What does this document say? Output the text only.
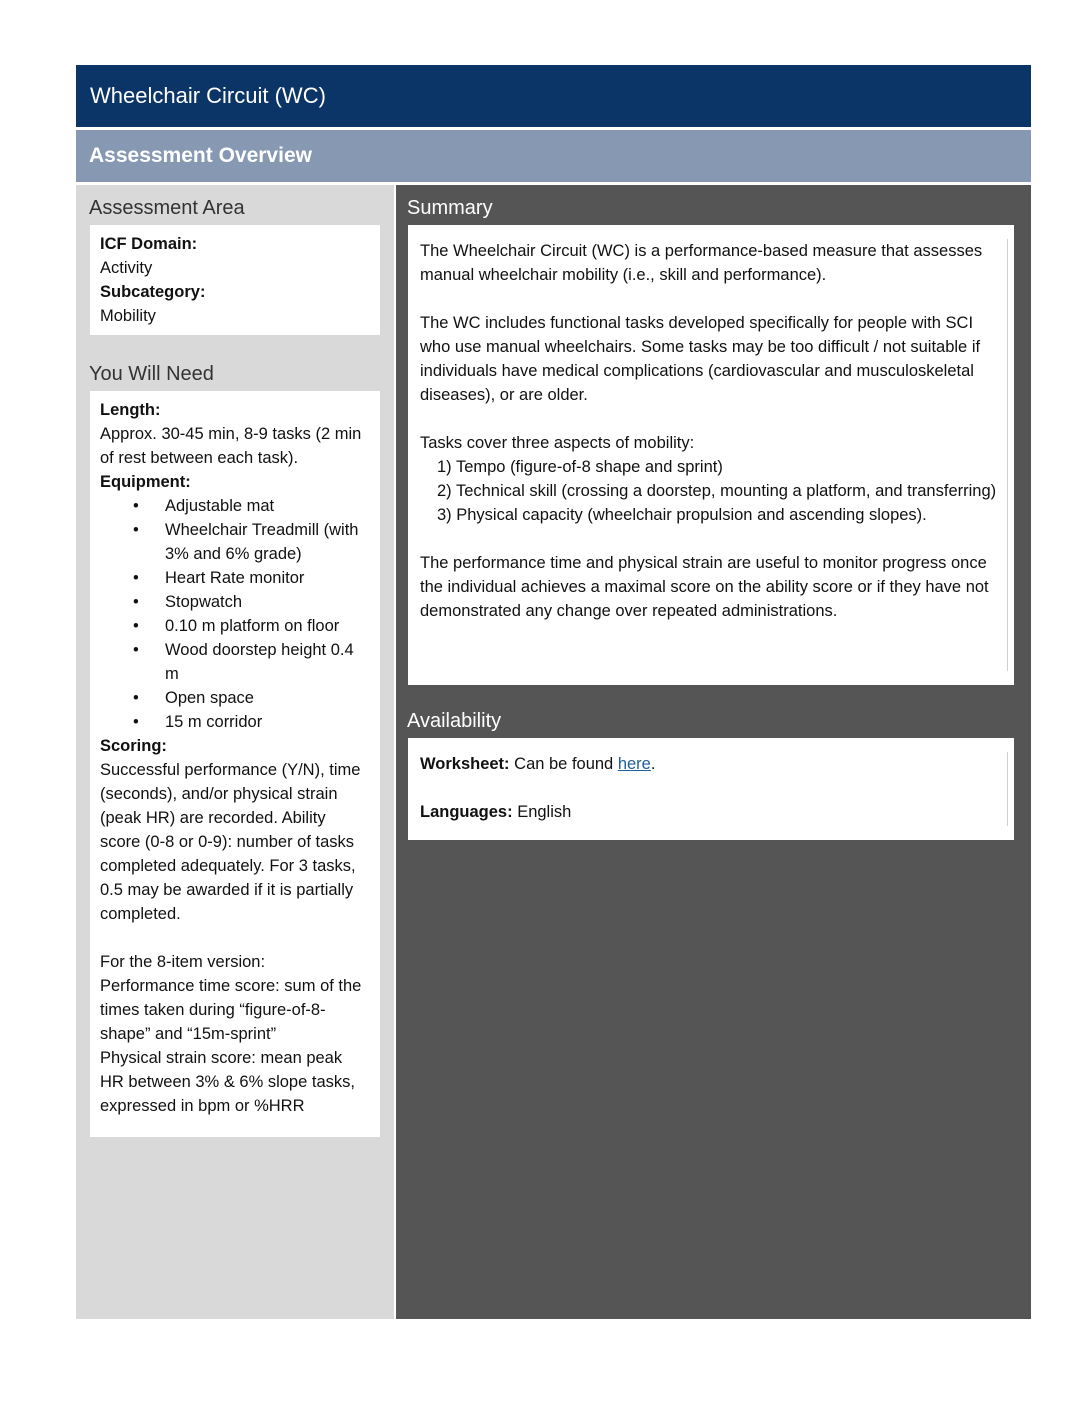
Wheelchair Circuit (WC)
Assessment Overview
Assessment Area
ICF Domain:
Activity
Subcategory:
Mobility
You Will Need
Length:
Approx. 30-45 min, 8-9 tasks (2 min of rest between each task).
Equipment:
• Adjustable mat
• Wheelchair Treadmill (with 3% and 6% grade)
• Heart Rate monitor
• Stopwatch
• 0.10 m platform on floor
• Wood doorstep height 0.4 m
• Open space
• 15 m corridor
Scoring:
Successful performance (Y/N), time (seconds), and/or physical strain (peak HR) are recorded. Ability score (0-8 or 0-9): number of tasks completed adequately. For 3 tasks, 0.5 may be awarded if it is partially completed.
For the 8-item version:
Performance time score: sum of the times taken during “figure-of-8-shape” and “15m-sprint”
Physical strain score: mean peak HR between 3% & 6% slope tasks, expressed in bpm or %HRR
Summary

The Wheelchair Circuit (WC) is a performance-based measure that assesses manual wheelchair mobility (i.e., skill and performance).

The WC includes functional tasks developed specifically for people with SCI who use manual wheelchairs. Some tasks may be too difficult / not suitable if individuals have medical complications (cardiovascular and musculoskeletal diseases), or are older.

Tasks cover three aspects of mobility:

1) Tempo (figure-of-8 shape and sprint)
2) Technical skill (crossing a doorstep, mounting a platform, and transferring)
3) Physical capacity (wheelchair propulsion and ascending slopes).

The performance time and physical strain are useful to monitor progress once the individual achieves a maximal score on the ability score or if they have not demonstrated any change over repeated administrations.

Availability
Worksheet: Can be found here.
Languages: English
